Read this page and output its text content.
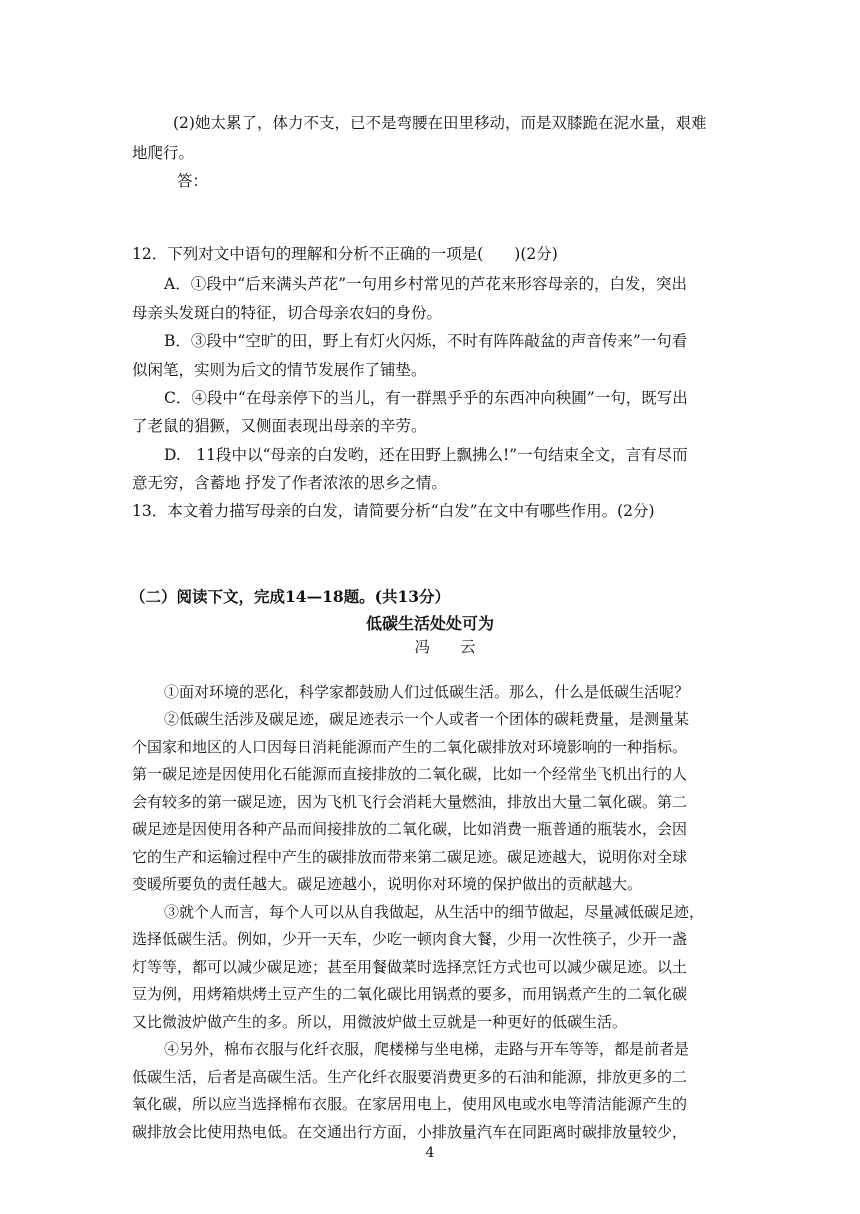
(2)她太累了，体力不支，已不是弯腰在田里移动，而是双膝跪在泥水量，艰难
地爬行。
答：
12．下列对文中语句的理解和分析不正确的一项是(　　)(2分)
A．①段中“后来满头芦花”一句用乡村常见的芦花来形容母亲的，白发，突出
母亲头发斑白的特征，切合母亲农妇的身份。
B．③段中“空旷的田，野上有灯火闪烁，不时有阵阵敲盆的声音传来”一句看
似闲笔，实则为后文的情节发展作了铺垫。
C．④段中“在母亲停下的当儿，有一群黑乎乎的东西冲向秧圃”一句，既写出
了老鼠的猖獗，又侧面表现出母亲的辛劳。
D.　11段中以“母亲的白发哟，还在田野上飘拂么!”一句结束全文，言有尽而
意无穷，含蓄地 抒发了作者浓浓的思乡之情。
13．本文着力描写母亲的白发，请简要分析“白发”在文中有哪些作用。(2分)
（二）阅读下文，完成14—18题。(共13分）
低碳生活处处可为
冯云
①面对环境的恶化，科学家都鼓励人们过低碳生活。那么，什么是低碳生活呢？
②低碳生活涉及碳足迹，碳足迹表示一个人或者一个团体的碳耗费量，是测量某
个国家和地区的人口因每日消耗能源而产生的二氧化碳排放对环境影响的一种指标。
第一碳足迹是因使用化石能源而直接排放的二氧化碳，比如一个经常坐飞机出行的人
会有较多的第一碳足迹，因为飞机飞行会消耗大量燃油，排放出大量二氧化碳。第二
碳足迹是因使用各种产品而间接排放的二氧化碳，比如消费一瓶普通的瓶装水，会因
它的生产和运输过程中产生的碳排放而带来第二碳足迹。碳足迹越大，说明你对全球
变暖所要负的责任越大。碳足迹越小，说明你对环境的保护做出的贡献越大。
③就个人而言，每个人可以从自我做起，从生活中的细节做起，尽量减低碳足迹，
选择低碳生活。例如，少开一天车，少吃一顿肉食大餐，少用一次性筷子，少开一盏
灯等等，都可以减少碳足迹；甚至用餐做菜时选择烹饪方式也可以减少碳足迹。以土
豆为例，用烤箱烘烤土豆产生的二氧化碳比用锅煮的要多，而用锅煮产生的二氧化碳
又比微波炉做产生的多。所以，用微波炉做土豆就是一种更好的低碳生活。
④另外，棉布衣服与化纤衣服，爬楼梯与坐电梯，走路与开车等等，都是前者是
低碳生活，后者是高碳生活。生产化纤衣服要消费更多的石油和能源，排放更多的二
氧化碳，所以应当选择棉布衣服。在家居用电上，使用风电或水电等清洁能源产生的
碳排放会比使用热电低。在交通出行方面，小排放量汽车在同距离时碳排放量较少，
4
